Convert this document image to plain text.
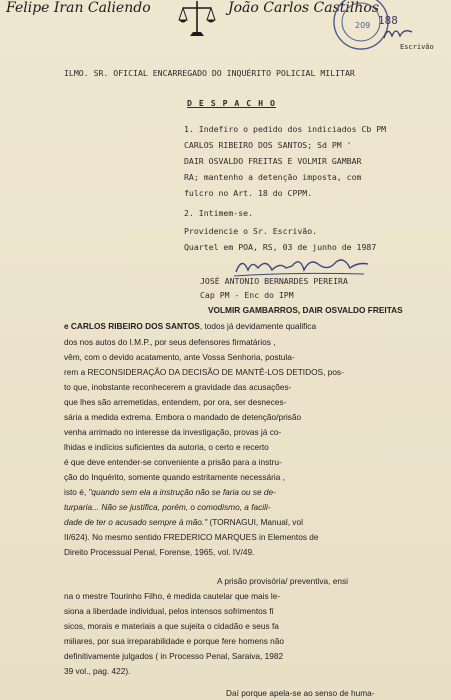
Felipe Iran Caliendo	João Carlos Castilhos
209 188
Escrivão
ILMO. SR. OFICIAL ENCARREGADO DO INQUÉRITO POLICIAL MILITAR
D E S P A C H O
1. Indefiro o pedido dos indiciados Cb PM
CARLOS RIBEIRO DOS SANTOS; Sd PM '
DAIR OSVALDO FREITAS E VOLMIR GAMBAR
RA; mantenho a detenção imposta, com
fulcro no Art. 18 do CPPM.
2. Intimem-se.
Providencie o Sr. Escrivão.
Quartel em POA, RS, 03 de junho de 1987
JOSÉ ANTONIO BERNARDES PEREIRA
Cap PM - Enc do IPM
VOLMIR GAMBARROS, DAIR OSVALDO FREITAS
e CARLOS RIBEIRO DOS SANTOS, todos já devidamente qualifica
dos nos autos do I.M.P., por seus defensores firmatários ,
vêm, com o devido acatamento, ante Vossa Senhoria, postula-
rem a RECONSIDERAÇÃO DA DECISÃO DE MANTÊ-LOS DETIDOS, pos-
to que, inobstante reconhecerem a gravidade das acusações-
que lhes são arremetidas, entendem, por ora, ser desneces-
sária a medida extrema. Embora o mandado de detenção/prisão
venha arrimado no interesse da investigação, provas já co-
lhidas e indícios suficientes da autoria, o certo e recerto
é que deve entender-se conveniente a prisão para a instru-
ção do Inquérito, somente quando estritamente necessária ,
isto é, "quando sem ela a instrução não se faria ou se de-
turparia... Não se justifica, porém, o comodismo, a facili-
dade de ter o acusado sempre à mão." (TORNAGUI, Manual, vol
II/624). No mesmo sentido FREDERICO MARQUES in Elementos de
Direito Processual Penal, Forense, 1965, vol. IV/49.
A prisão provisória/ preventiva, ensi
na o mestre Tourinho Filho, é medida cautelar que mais le-
siona a liberdade individual, pelos intensos sofrimentos fí
sicos, morais e materiais a que sujeita o cidadão e seus fa
miliares, por sua irreparabilidade e porque fere homens não
definitivamente julgados ( in Processo Penal, Saraiva, 1982
39 vol., pag. 422).
Daí porque apela-se ao senso de huma-
